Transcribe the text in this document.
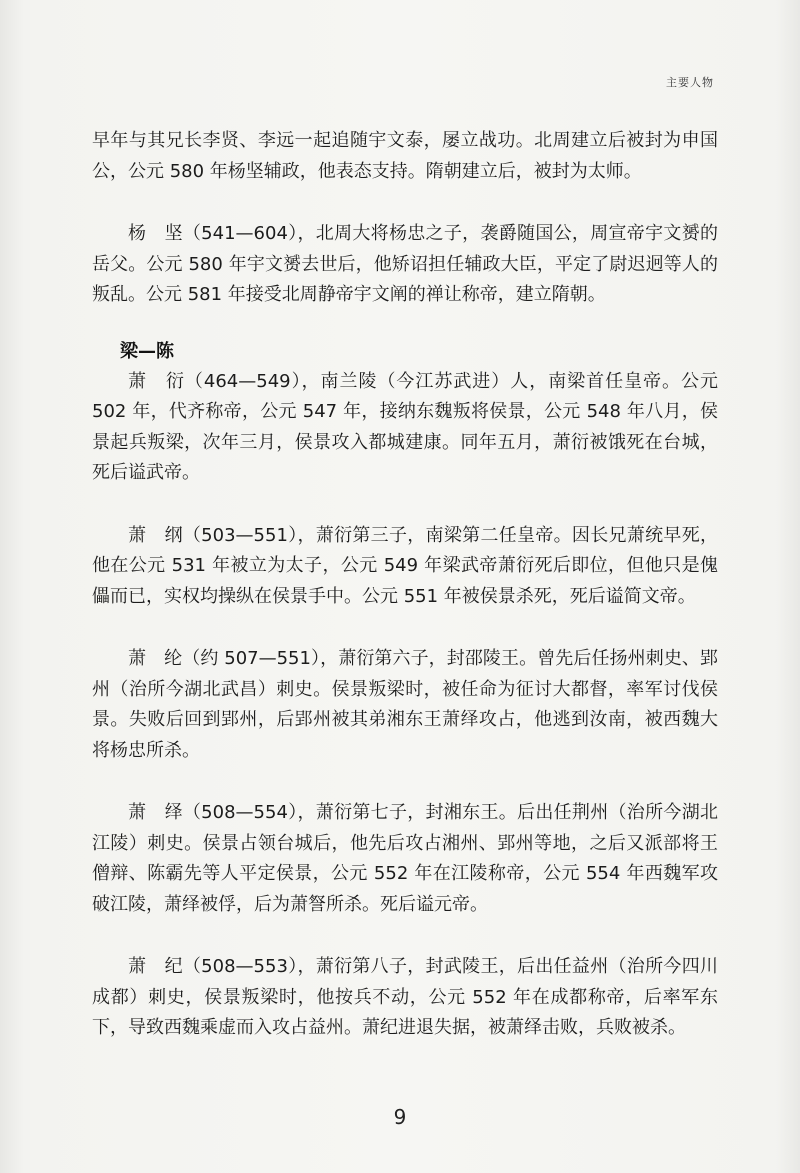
主要人物

早年与其兄长李贤、李远一起追随宇文泰，屡立战功。北周建立后被封为申国公，公元 580 年杨坚辅政，他表态支持。隋朝建立后，被封为太师。

杨　坚（541—604），北周大将杨忠之子，袭爵随国公，周宣帝宇文赟的岳父。公元 580 年宇文赟去世后，他矫诏担任辅政大臣，平定了尉迟迥等人的叛乱。公元 581 年接受北周静帝宇文阐的禅让称帝，建立隋朝。

梁—陈

萧　衍（464—549），南兰陵（今江苏武进）人，南梁首任皇帝。公元 502 年，代齐称帝，公元 547 年，接纳东魏叛将侯景，公元 548 年八月，侯景起兵叛梁，次年三月，侯景攻入都城建康。同年五月，萧衍被饿死在台城，死后谥武帝。

萧　纲（503—551），萧衍第三子，南梁第二任皇帝。因长兄萧统早死，他在公元 531 年被立为太子，公元 549 年梁武帝萧衍死后即位，但他只是傀儡而已，实权均操纵在侯景手中。公元 551 年被侯景杀死，死后谥简文帝。

萧　纶（约 507—551），萧衍第六子，封邵陵王。曾先后任扬州刺史、郢州（治所今湖北武昌）刺史。侯景叛梁时，被任命为征讨大都督，率军讨伐侯景。失败后回到郢州，后郢州被其弟湘东王萧绎攻占，他逃到汝南，被西魏大将杨忠所杀。

萧　绎（508—554），萧衍第七子，封湘东王。后出任荆州（治所今湖北江陵）刺史。侯景占领台城后，他先后攻占湘州、郢州等地，之后又派部将王僧辩、陈霸先等人平定侯景，公元 552 年在江陵称帝，公元 554 年西魏军攻破江陵，萧绎被俘，后为萧詧所杀。死后谥元帝。

萧　纪（508—553），萧衍第八子，封武陵王，后出任益州（治所今四川成都）刺史，侯景叛梁时，他按兵不动，公元 552 年在成都称帝，后率军东下，导致西魏乘虚而入攻占益州。萧纪进退失据，被萧绎击败，兵败被杀。

9
